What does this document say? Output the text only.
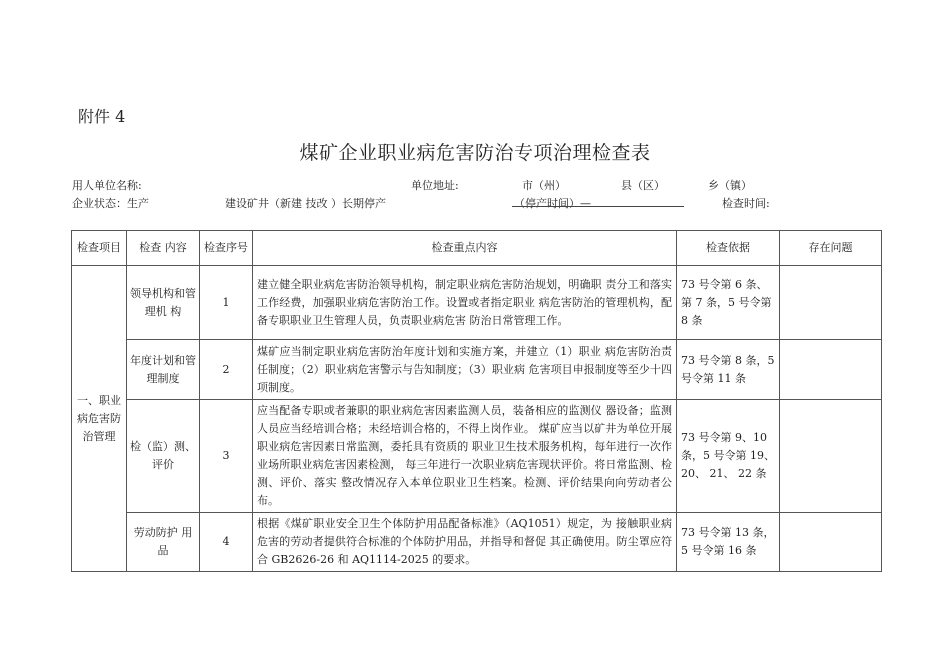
附件 4
煤矿企业职业病危害防治专项治理检查表
用人单位名称:	单位地址:	市（州）	县（区）	乡（镇）
企业状态：生产	建设矿井（新建 技改 ）长期停产	（停产时间）—	检查时间:
检查项目	检查 内容	检查序号	检查重点内容	检查依据	存在问题
一、职业病危害防治管理	领导机构和管理机 构	1	建立健全职业病危害防治领导机构，制定职业病危害防治规划，明确职 责分工和落实工作经费，加强职业病危害防治工作。设置或者指定职业 病危害防治的管理机构，配备专职职业卫生管理人员，负责职业病危害 防治日常管理工作。	73 号令第 6 条、第 7 条，5 号令第 8 条	
	年度计划和管理制度	2	煤矿应当制定职业病危害防治年度计划和实施方案，并建立（1）职业 病危害防治责任制度；（2）职业病危害警示与告知制度；（3）职业病 危害项目申报制度等至少十四项制度。	73 号令第 8 条，5 号令第 11 条	
	检（监）测、评价	3	应当配备专职或者兼职的职业病危害因素监测人员，装备相应的监测仪 器设备；监测人员应当经培训合格；未经培训合格的，不得上岗作业。 煤矿应当以矿井为单位开展职业病危害因素日常监测，委托具有资质的 职业卫生技术服务机构，每年进行一次作业场所职业病危害因素检测， 每三年进行一次职业病危害现状评价。将日常监测、检测、评价、落实 整改情况存入本单位职业卫生档案。检测、评价结果向向劳动者公布。	73 号令第 9、10 条，5 号令第 19、 20、 21、 22 条	
	劳动防护 用品	4	根据《煤矿职业安全卫生个体防护用品配备标准》（AQ1051）规定，为 接触职业病危害的劳动者提供符合标准的个体防护用品，并指导和督促 其正确使用。防尘罩应符合 GB2626-26 和 AQ1114-2025 的要求。	73 号令第 13 条，5 号令第 16 条	
